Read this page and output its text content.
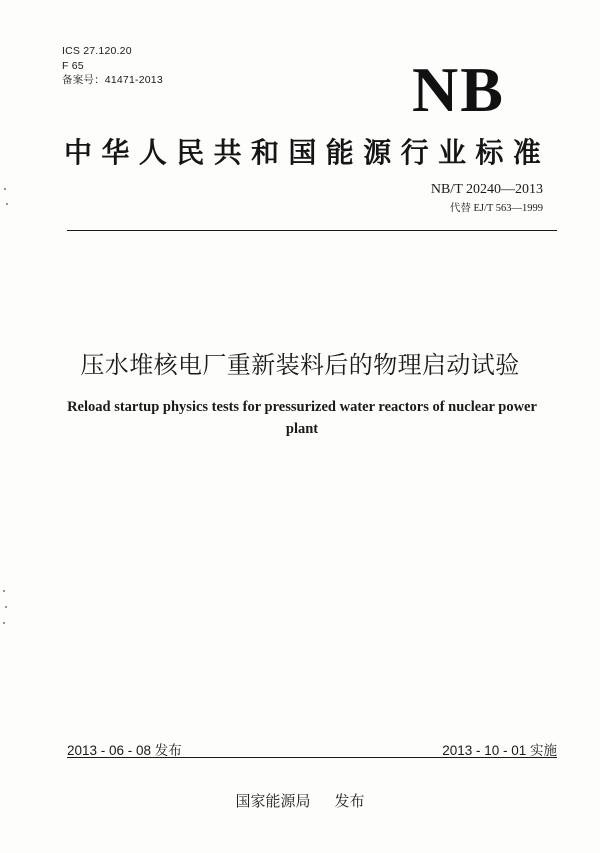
ICS 27.120.20
F 65
备案号：41471-2013	NB
中华人民共和国能源行业标准
NB/T 20240—2013
代替 EJ/T 563—1999
压水堆核电厂重新装料后的物理启动试验
Reload startup physics tests for pressurized water reactors of nuclear power plant
2013 - 06 - 08 发布	2013 - 10 - 01 实施
国家能源局 发布
